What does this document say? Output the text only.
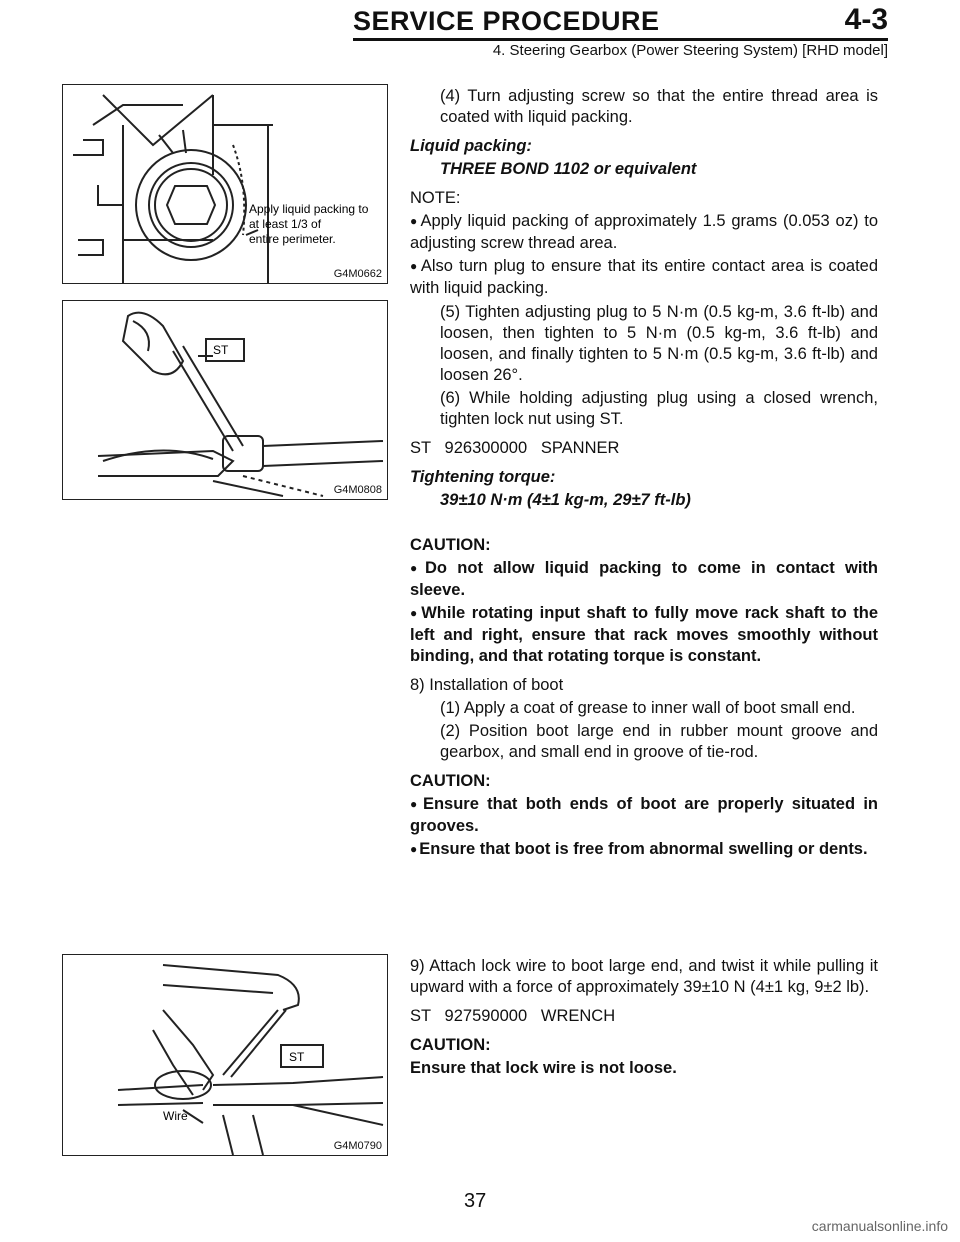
SERVICE PROCEDURE	4-3
4. Steering Gearbox (Power Steering System) [RHD model]
Apply liquid packing to
at least 1/3 of
entire perimeter.
G4M0662
ST
G4M0808
ST
Wire
G4M0790

(4) Turn adjusting screw so that the entire thread area is coated with liquid packing.

Liquid packing:

THREE BOND 1102 or equivalent

NOTE:

● Apply liquid packing of approximately 1.5 grams (0.053 oz) to adjusting screw thread area.

● Also turn plug to ensure that its entire contact area is coated with liquid packing.

(5) Tighten adjusting plug to 5 N·m (0.5 kg-m, 3.6 ft-lb) and loosen, then tighten to 5 N·m (0.5 kg-m, 3.6 ft-lb) and loosen, and finally tighten to 5 N·m (0.5 kg-m, 3.6 ft-lb) and loosen 26°.

(6) While holding adjusting plug using a closed wrench, tighten lock nut using ST.

ST   926300000   SPANNER

Tightening torque:

39±10 N·m (4±1 kg-m, 29±7 ft-lb)

CAUTION:

● Do not allow liquid packing to come in contact with sleeve.

● While rotating input shaft to fully move rack shaft to the left and right, ensure that rack moves smoothly without binding, and that rotating torque is constant.

8) Installation of boot

(1) Apply a coat of grease to inner wall of boot small end.

(2) Position boot large end in rubber mount groove and gearbox, and small end in groove of tie-rod.

CAUTION:

● Ensure that both ends of boot are properly situated in grooves.

● Ensure that boot is free from abnormal swelling or dents.

9) Attach lock wire to boot large end, and twist it while pulling it upward with a force of approximately 39±10 N (4±1 kg, 9±2 lb).

ST   927590000   WRENCH

CAUTION:

Ensure that lock wire is not loose.

37
carmanualsonline.info
